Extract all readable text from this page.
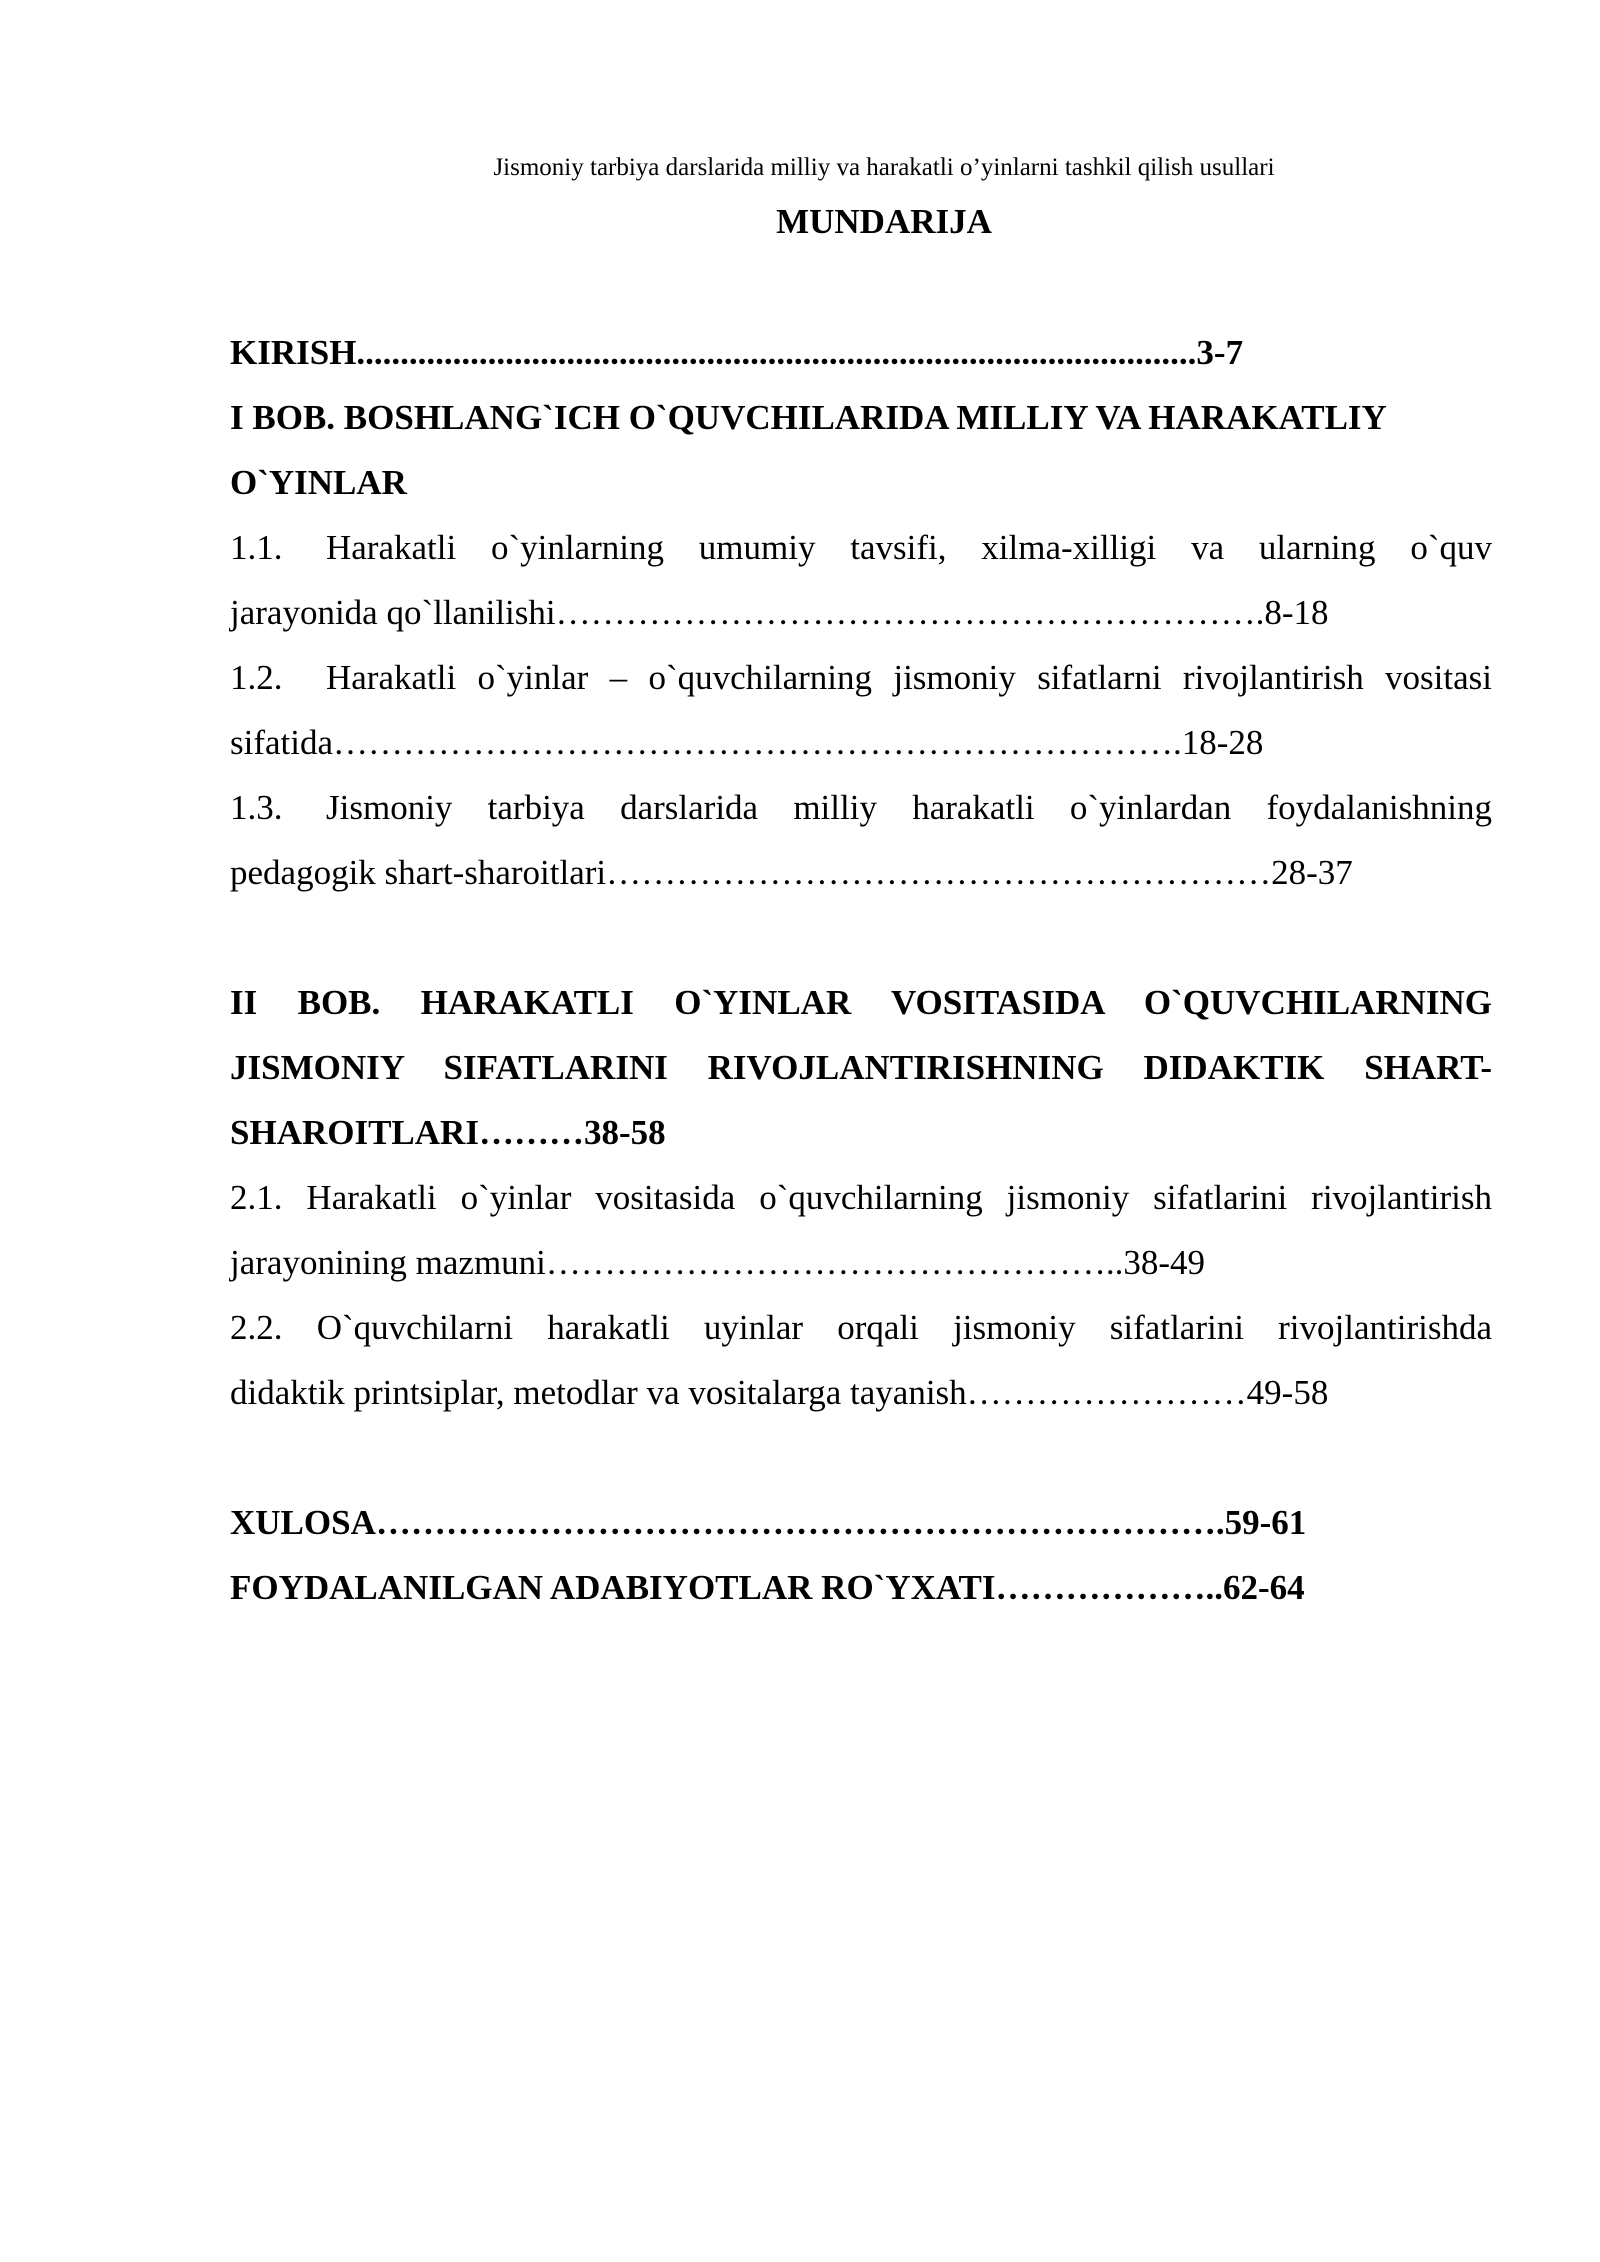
Jismoniy tarbiya darslarida milliy va harakatli o’yinlarni tashkil qilish usullari
MUNDARIJA
KIRISH................................................................................................3-7
I BOB. BOSHLANG`ICH O`QUVCHILARIDA MILLIY VA HARAKATLIY
O`YINLAR
1.1. Harakatli o`yinlarning umumiy tavsifi, xilma-xilligi va ularning o`quv
jarayonida qo`llanilishi…………………………………………………….8-18
1.2. Harakatli o`yinlar – o`quvchilarning jismoniy sifatlarni rivojlantirish vositasi
sifatida……………………………………………………………….18-28
1.3. Jismoniy tarbiya darslarida milliy harakatli o`yinlardan foydalanishning
pedagogik shart-sharoitlari…………………………………………………28-37
II BOB. HARAKATLI O`YINLAR VOSITASIDA O`QUVCHILARNING
JISMONIY SIFATLARINI RIVOJLANTIRISHNING DIDAKTIK SHART-
SHAROITLARI………38-58
2.1. Harakatli o`yinlar vositasida o`quvchilarning jismoniy sifatlarini rivojlantirish
jarayonining mazmuni…………………………………………..38-49
2.2. O`quvchilarni harakatli uyinlar orqali jismoniy sifatlarini rivojlantirishda
didaktik printsiplar, metodlar va vositalarga tayanish……………………49-58
XULOSA……………………………………………………………….59-61
FOYDALANILGAN ADABIYOTLAR RO`YXATI………………..62-64
